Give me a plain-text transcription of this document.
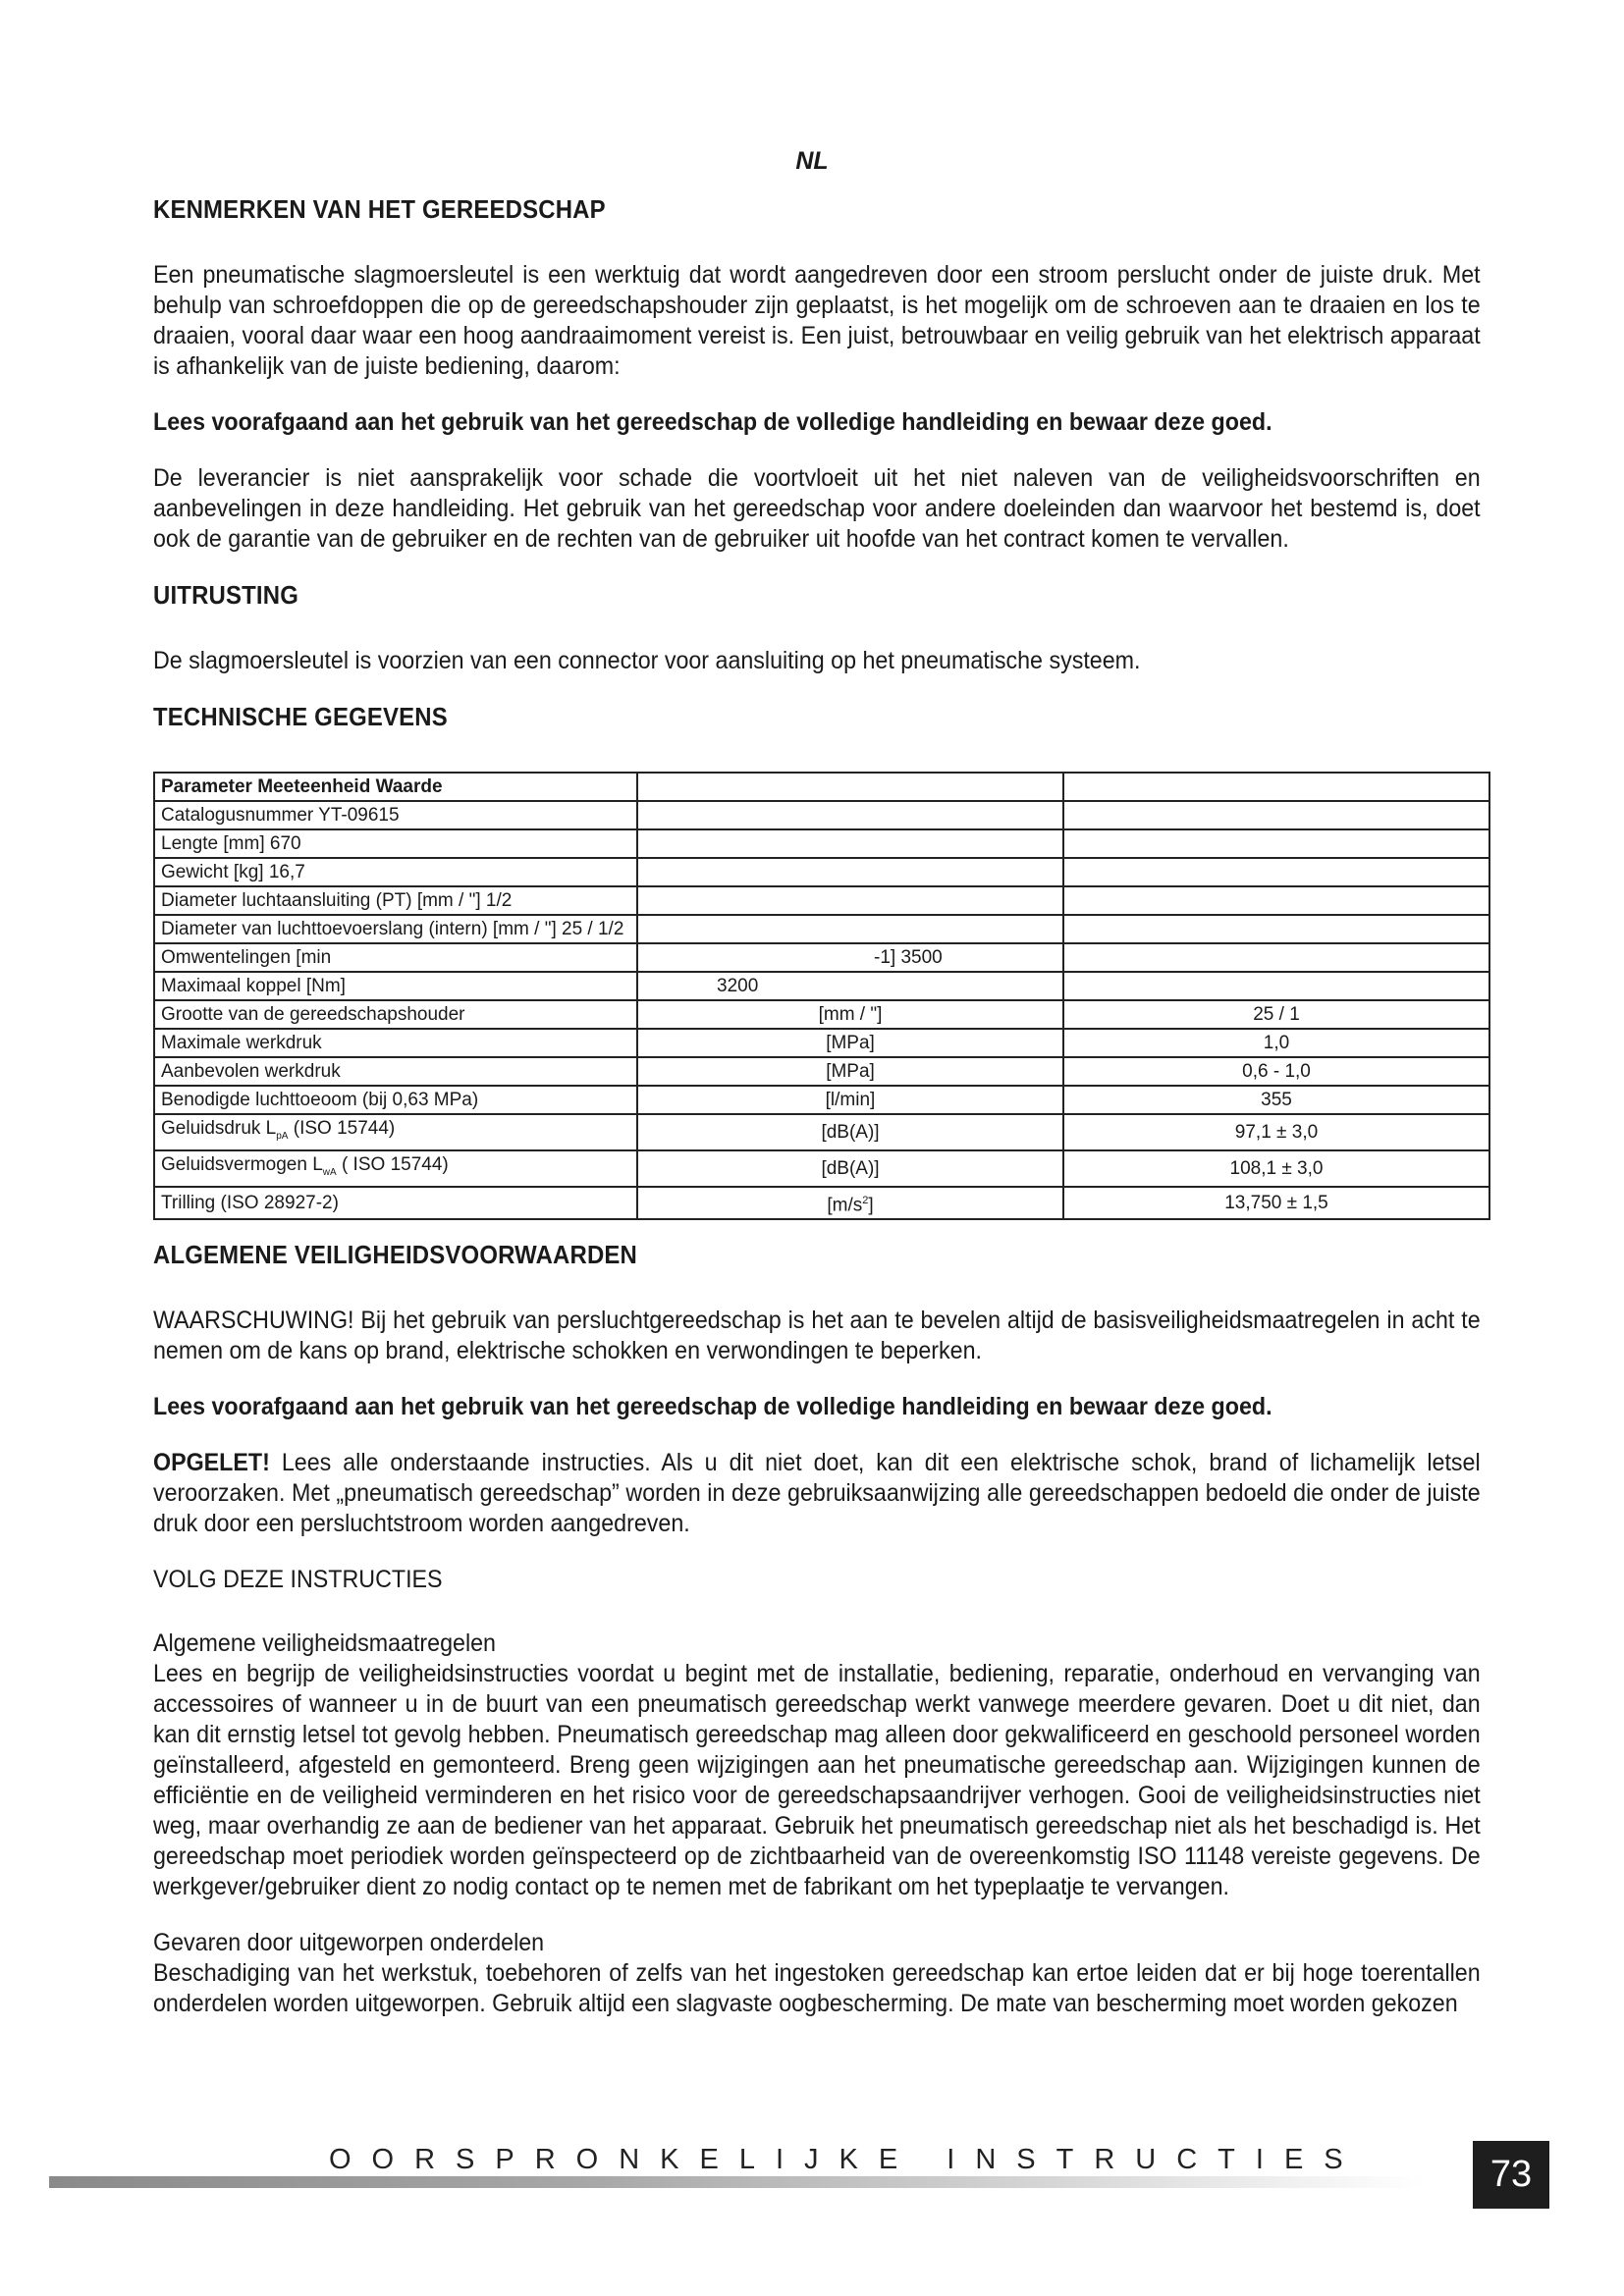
NL
KENMERKEN VAN HET GEREEDSCHAP

Een pneumatische slagmoersleutel is een werktuig dat wordt aangedreven door een stroom perslucht onder de juiste druk. Met behulp van schroefdoppen die op de gereedschapshouder zijn geplaatst, is het mogelijk om de schroeven aan te draaien en los te draaien, vooral daar waar een hoog aandraaimoment vereist is. Een juist, betrouwbaar en veilig gebruik van het elektrisch apparaat is afhankelijk van de juiste bediening, daarom:

Lees voorafgaand aan het gebruik van het gereedschap de volledige handleiding en bewaar deze goed.

De leverancier is niet aansprakelijk voor schade die voortvloeit uit het niet naleven van de veiligheidsvoorschriften en aanbevelingen in deze handleiding. Het gebruik van het gereedschap voor andere doeleinden dan waarvoor het bestemd is, doet ook de garantie van de gebruiker en de rechten van de gebruiker uit hoofde van het contract komen te vervallen.

UITRUSTING

De slagmoersleutel is voorzien van een connector voor aansluiting op het pneumatische systeem.

TECHNISCHE GEGEVENS
Parameter Meeteenheid Waarde		
Catalogusnummer YT-09615		
Lengte [mm] 670		
Gewicht [kg] 16,7		
Diameter luchtaansluiting (PT) [mm / "] 1/2		
Diameter van luchttoevoerslang (intern) [mm / "] 25 / 1/2		
Omwentelingen [min	-1] 3500	
Maximaal koppel [Nm]	3200	
Grootte van de gereedschapshouder	[mm / "]	25 / 1
Maximale werkdruk	[MPa]	1,0
Aanbevolen werkdruk	[MPa]	0,6 - 1,0
Benodigde luchttoeoom (bij 0,63 MPa)	[l/min]	355
Geluidsdruk $L_{pA}$ (ISO 15744)	[dB(A)]	97,1 ± 3,0
Geluidsvermogen $L_{wA}$ ( ISO 15744)	[dB(A)]	108,1 ± 3,0
Trilling (ISO 28927-2)	$[m/s^2]$	13,750 ± 1,5
ALGEMENE VEILIGHEIDSVOORWAARDEN

WAARSCHUWING! Bij het gebruik van persluchtgereedschap is het aan te bevelen altijd de basisveiligheidsmaatregelen in acht te nemen om de kans op brand, elektrische schokken en verwondingen te beperken.

Lees voorafgaand aan het gebruik van het gereedschap de volledige handleiding en bewaar deze goed.

OPGELET! Lees alle onderstaande instructies. Als u dit niet doet, kan dit een elektrische schok, brand of lichamelijk letsel veroorzaken. Met „pneumatisch gereedschap” worden in deze gebruiksaanwijzing alle gereedschappen bedoeld die onder de juiste druk door een persluchtstroom worden aangedreven.

VOLG DEZE INSTRUCTIES

Algemene veiligheidsmaatregelen

Lees en begrijp de veiligheidsinstructies voordat u begint met de installatie, bediening, reparatie, onderhoud en vervanging van accessoires of wanneer u in de buurt van een pneumatisch gereedschap werkt vanwege meerdere gevaren. Doet u dit niet, dan kan dit ernstig letsel tot gevolg hebben. Pneumatisch gereedschap mag alleen door gekwalificeerd en geschoold personeel worden geïnstalleerd, afgesteld en gemonteerd. Breng geen wijzigingen aan het pneumatische gereedschap aan. Wijzigingen kunnen de efficiëntie en de veiligheid verminderen en het risico voor de gereedschapsaandrijver verhogen. Gooi de veiligheidsinstructies niet weg, maar overhandig ze aan de bediener van het apparaat. Gebruik het pneumatisch gereedschap niet als het beschadigd is. Het gereedschap moet periodiek worden geïnspecteerd op de zichtbaarheid van de overeenkomstig ISO 11148 vereiste gegevens. De werkgever/gebruiker dient zo nodig contact op te nemen met de fabrikant om het typeplaatje te vervangen.

Gevaren door uitgeworpen onderdelen

Beschadiging van het werkstuk, toebehoren of zelfs van het ingestoken gereedschap kan ertoe leiden dat er bij hoge toerentallen onderdelen worden uitgeworpen. Gebruik altijd een slagvaste oogbescherming. De mate van bescherming moet worden gekozen

OORSPRONKELIJKE INSTRUCTIES	73
